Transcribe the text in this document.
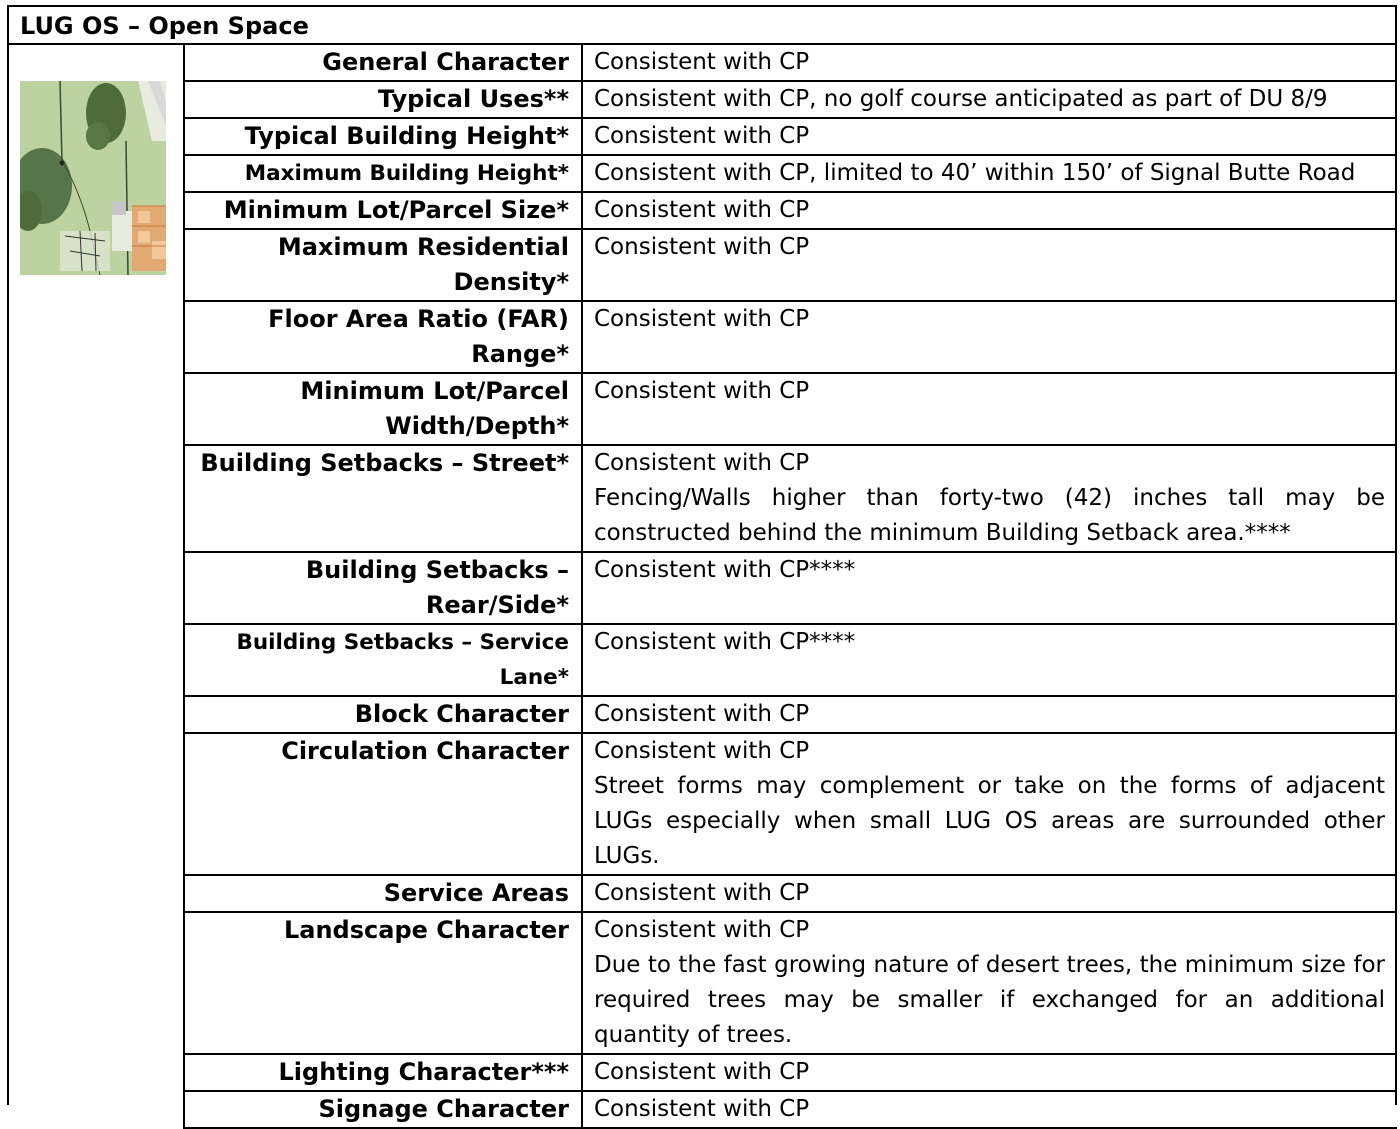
LUG OS – Open Space
General Character Consistent with CP
Typical Uses** Consistent with CP, no golf course anticipated as part of DU 8/9
Typical Building Height* Consistent with CP
Maximum Building Height* Consistent with CP, limited to 40’ within 150’ of Signal Butte Road
Minimum Lot/Parcel Size* Consistent with CP
Maximum Residential
Density*
Consistent with CP
Floor Area Ratio (FAR)
Range*
Consistent with CP
Minimum Lot/Parcel
Width/Depth*
Consistent with CP
Building Setbacks – Street* Consistent with CP
Fencing/Walls higher than forty-two (42) inches tall may be constructed behind the minimum Building Setback area.****
Building Setbacks –
Rear/Side*
Consistent with CP****
Building Setbacks – Service
Lane*
Consistent with CP****
Block Character Consistent with CP
Circulation Character Consistent with CP
Street forms may complement or take on the forms of adjacent LUGs especially when small LUG OS areas are surrounded other LUGs.
Service Areas Consistent with CP
Landscape Character Consistent with CP
Due to the fast growing nature of desert trees, the minimum size for required trees may be smaller if exchanged for an additional quantity of trees.
Lighting Character*** Consistent with CP
Signage Character Consistent with CP
